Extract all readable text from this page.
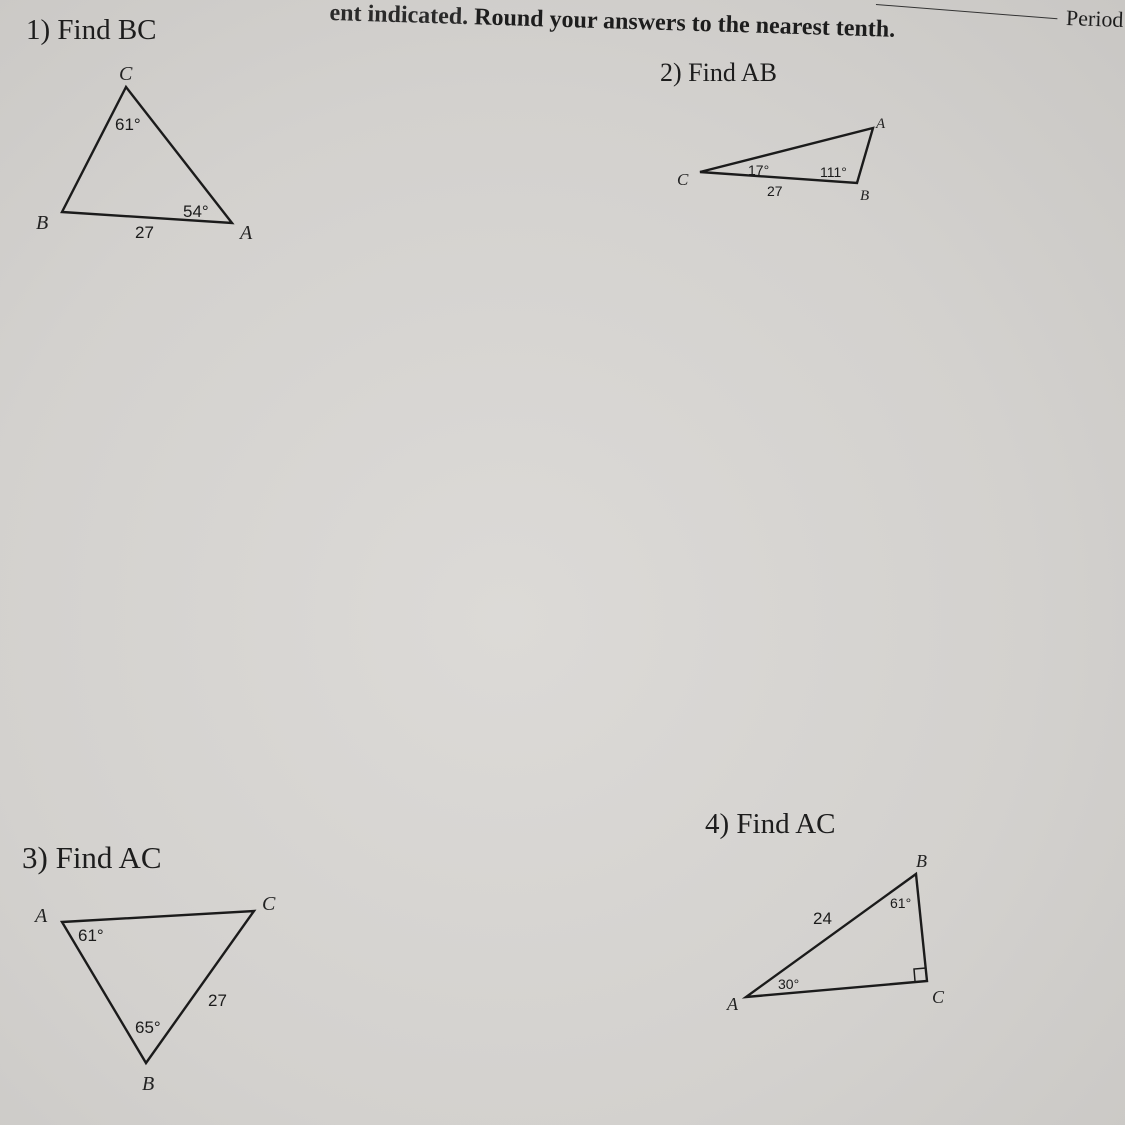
ent indicated. Round your answers to the nearest tenth.	Period
1) Find BC
2) Find AB
3) Find AC
4) Find AC
C
B	A
61°
54°
27
C
A
B
17°	111°
27
A
C
B
61°
65°
27
B
A	C
61°
30°
24
